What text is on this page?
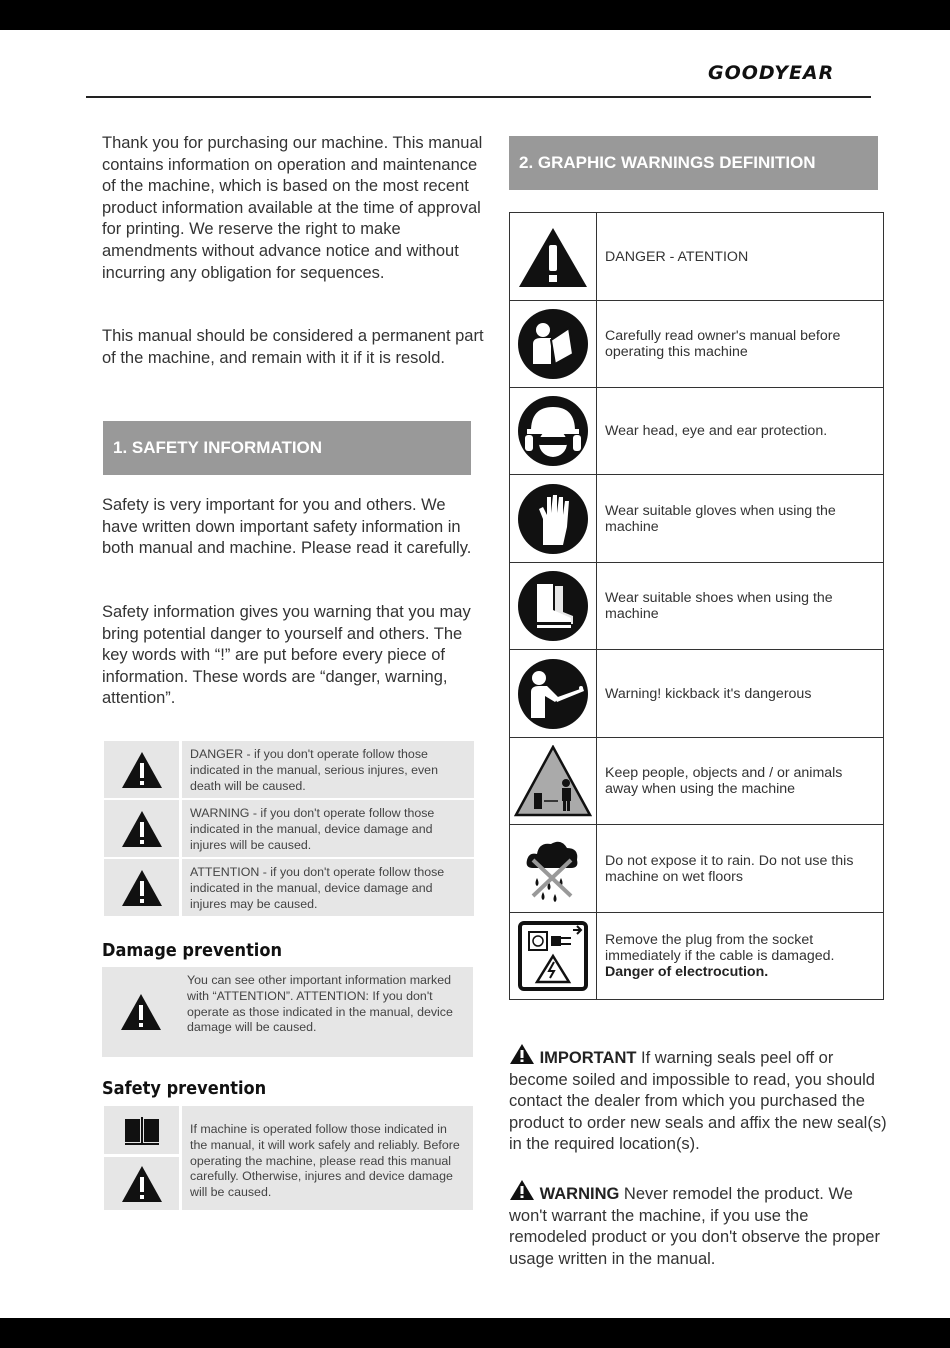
GOODYEAR

Thank you for purchasing our machine. This manual contains information on operation and maintenance of the machine, which is based on the most recent product information available at the time of approval for printing. We reserve the right to make amendments without advance notice and without incurring any obligation for sequences.

This manual should be considered a permanent part of the machine, and remain with it if it is resold.

1. SAFETY INFORMATION

Safety is very important for you and others. We have written down important safety information in both manual and machine. Please read it carefully.

Safety information gives you warning that you may bring potential danger to yourself and others. The key words with “!” are put before every piece of information. These words are “danger, warning, attention”.

DANGER - if you don't operate follow those indicated in the manual, serious injures, even death will be caused.
WARNING - if you don't operate follow those indicated in the manual, device damage and injures will be caused.
ATTENTION - if you don't operate follow those indicated in the manual, device damage and injures may be caused.
Damage prevention
You can see other important information marked with “ATTENTION”. ATTENTION: If you don't operate as those indicated in the manual, device damage will be caused.
Safety prevention
If machine is operated follow those indicated in the manual, it will work safely and reliably. Before operating the machine, please read this manual carefully. Otherwise, injures and device damage will be caused.
2. GRAPHIC WARNINGS DEFINITION
DANGER - ATENTION
Carefully read owner's manual before operating this machine
Wear head, eye and ear protection.
Wear suitable gloves when using the machine
Wear suitable shoes when using the machine
Warning! kickback it's dangerous
Keep people, objects and / or animals away when using the machine
Do not expose it to rain. Do not use this machine on wet floors
Remove the plug from the socket immediately if the cable is damaged.
Danger of electrocution.

IMPORTANT If warning seals peel off or become soiled and impossible to read, you should contact the dealer from which you purchased the product to order new seals and affix the new seal(s) in the required location(s).

WARNING Never remodel the product. We won't warrant the machine, if you use the remodeled product or you don't observe the proper usage written in the manual.
